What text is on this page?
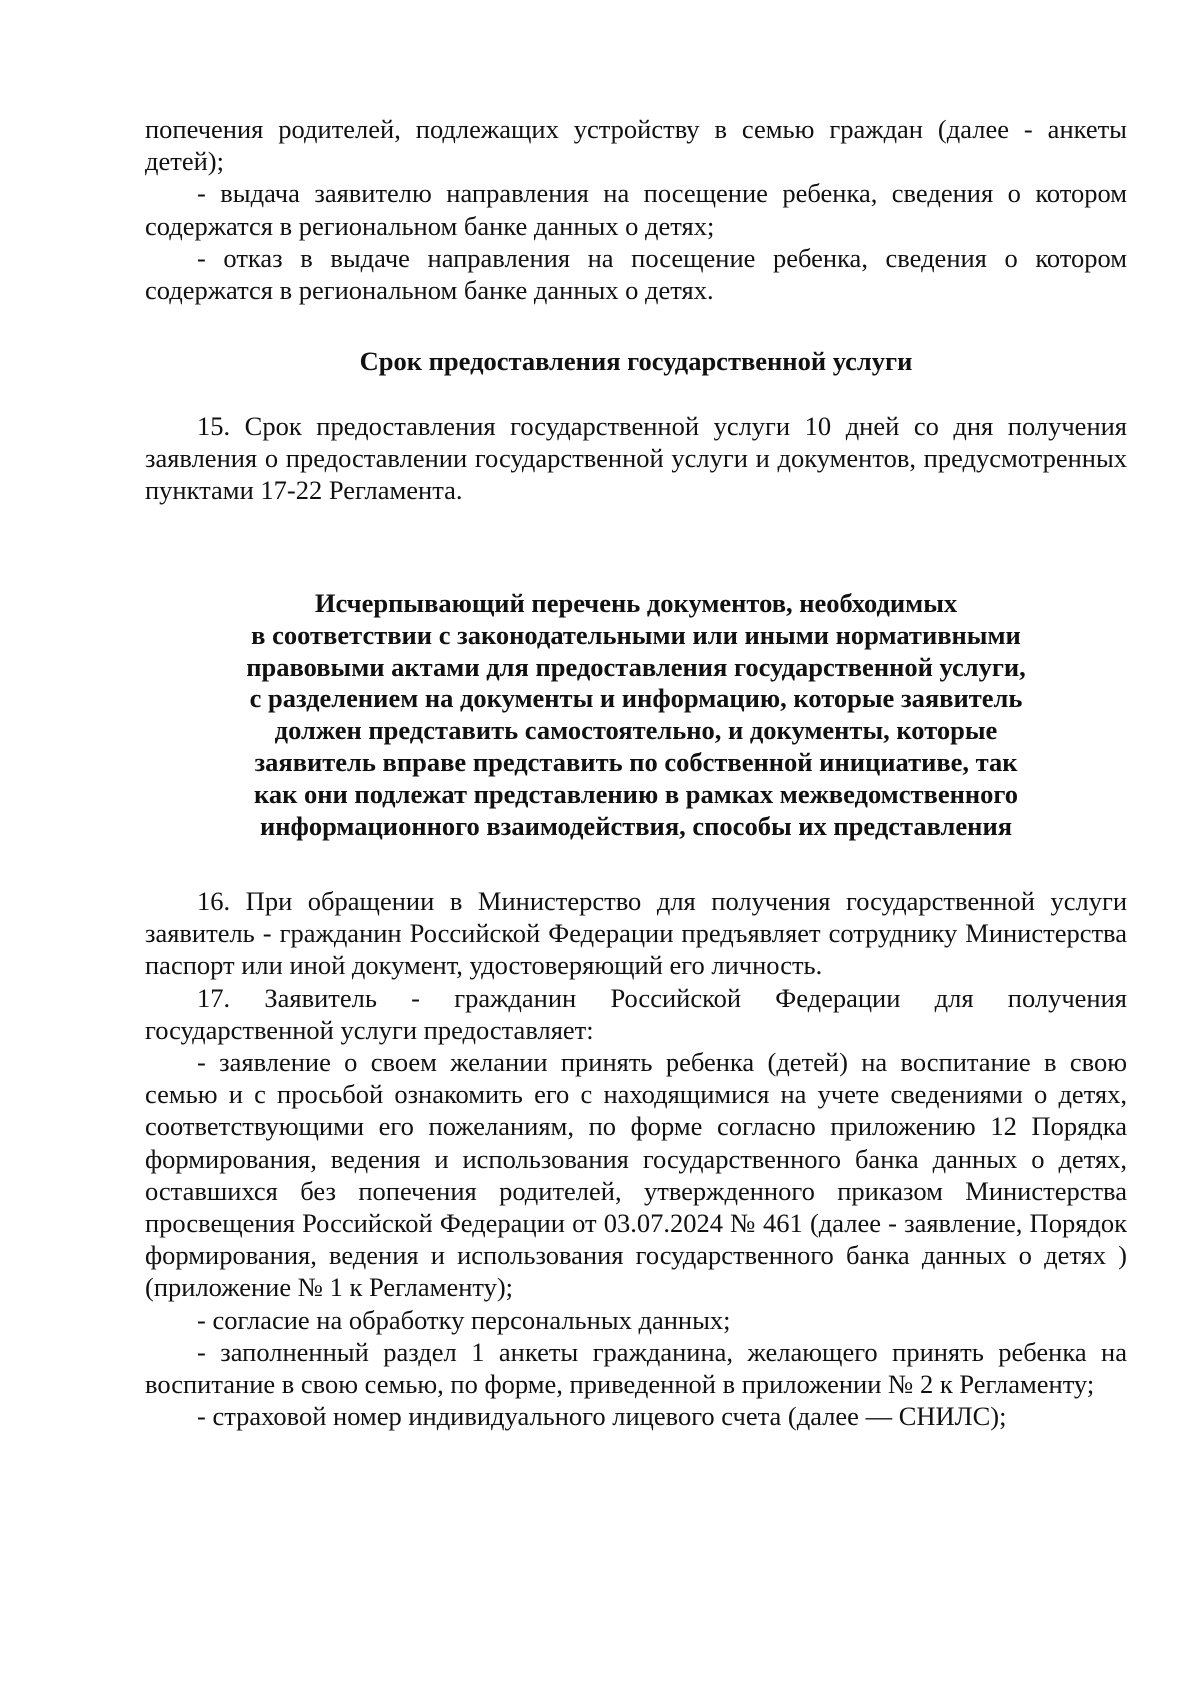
попечения родителей, подлежащих устройству в семью граждан (далее - анкеты детей);

- выдача заявителю направления на посещение ребенка, сведения о котором содержатся в региональном банке данных о детях;

- отказ в выдаче направления на посещение ребенка, сведения о котором содержатся в региональном банке данных о детях.

Срок предоставления государственной услуги

15. Срок предоставления государственной услуги 10 дней со дня получения заявления о предоставлении государственной услуги и документов, предусмотренных пунктами 17-22 Регламента.

Исчерпывающий перечень документов, необходимых
в соответствии с законодательными или иными нормативными
правовыми актами для предоставления государственной услуги,
с разделением на документы и информацию, которые заявитель
должен представить самостоятельно, и документы, которые
заявитель вправе представить по собственной инициативе, так
как они подлежат представлению в рамках межведомственного
информационного взаимодействия, способы их представления

16. При обращении в Министерство для получения государственной услуги заявитель - гражданин Российской Федерации предъявляет сотруднику Министерства паспорт или иной документ, удостоверяющий его личность.

17. Заявитель - гражданин Российской Федерации для получения государственной услуги предоставляет:

- заявление о своем желании принять ребенка (детей) на воспитание в свою семью и с просьбой ознакомить его с находящимися на учете сведениями о детях, соответствующими его пожеланиям, по форме согласно приложению 12 Порядка формирования, ведения и использования государственного банка данных о детях, оставшихся без попечения родителей, утвержденного приказом Министерства просвещения Российской Федерации от 03.07.2024 № 461 (далее - заявление, Порядок формирования, ведения и использования государственного банка данных о детях ) (приложение № 1 к Регламенту);

- согласие на обработку персональных данных;

- заполненный раздел 1 анкеты гражданина, желающего принять ребенка на воспитание в свою семью, по форме, приведенной в приложении № 2 к Регламенту;

- страховой номер индивидуального лицевого счета (далее — СНИЛС);
